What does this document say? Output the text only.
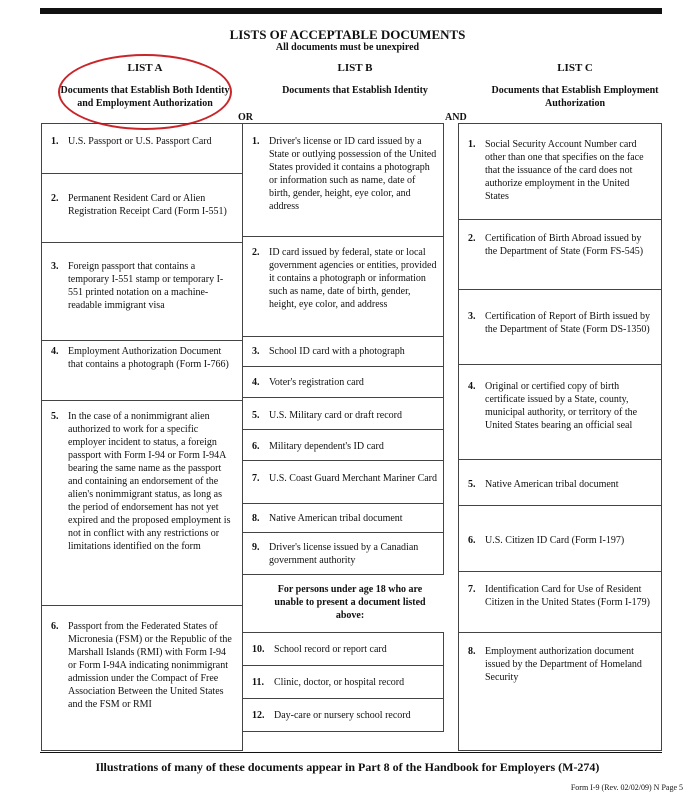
LISTS OF ACCEPTABLE DOCUMENTS
All documents must be unexpired
LIST A
Documents that Establish Both Identity and Employment Authorization
OR
LIST B
Documents that Establish Identity
AND
LIST C
Documents that Establish Employment Authorization
1. U.S. Passport or U.S. Passport Card
2. Permanent Resident Card or Alien Registration Receipt Card (Form I-551)
3. Foreign passport that contains a temporary I-551 stamp or temporary I-551 printed notation on a machine-readable immigrant visa
4. Employment Authorization Document that contains a photograph (Form I-766)
5. In the case of a nonimmigrant alien authorized to work for a specific employer incident to status, a foreign passport with Form I-94 or Form I-94A bearing the same name as the passport and containing an endorsement of the alien's nonimmigrant status, as long as the period of endorsement has not yet expired and the proposed employment is not in conflict with any restrictions or limitations identified on the form
6. Passport from the Federated States of Micronesia (FSM) or the Republic of the Marshall Islands (RMI) with Form I-94 or Form I-94A indicating nonimmigrant admission under the Compact of Free Association Between the United States and the FSM or RMI
1. Driver's license or ID card issued by a State or outlying possession of the United States provided it contains a photograph or information such as name, date of birth, gender, height, eye color, and address
2. ID card issued by federal, state or local government agencies or entities, provided it contains a photograph or information such as name, date of birth, gender, height, eye color, and address
3. School ID card with a photograph
4. Voter's registration card
5. U.S. Military card or draft record
6. Military dependent's ID card
7. U.S. Coast Guard Merchant Mariner Card
8. Native American tribal document
9. Driver's license issued by a Canadian government authority
For persons under age 18 who are unable to present a document listed above:
10. School record or report card
11. Clinic, doctor, or hospital record
12. Day-care or nursery school record
1. Social Security Account Number card other than one that specifies on the face that the issuance of the card does not authorize employment in the United States
2. Certification of Birth Abroad issued by the Department of State (Form FS-545)
3. Certification of Report of Birth issued by the Department of State (Form DS-1350)
4. Original or certified copy of birth certificate issued by a State, county, municipal authority, or territory of the United States bearing an official seal
5. Native American tribal document
6. U.S. Citizen ID Card (Form I-197)
7. Identification Card for Use of Resident Citizen in the United States (Form I-179)
8. Employment authorization document issued by the Department of Homeland Security
Illustrations of many of these documents appear in Part 8 of the Handbook for Employers (M-274)
Form I-9 (Rev. 02/02/09) N Page 5
